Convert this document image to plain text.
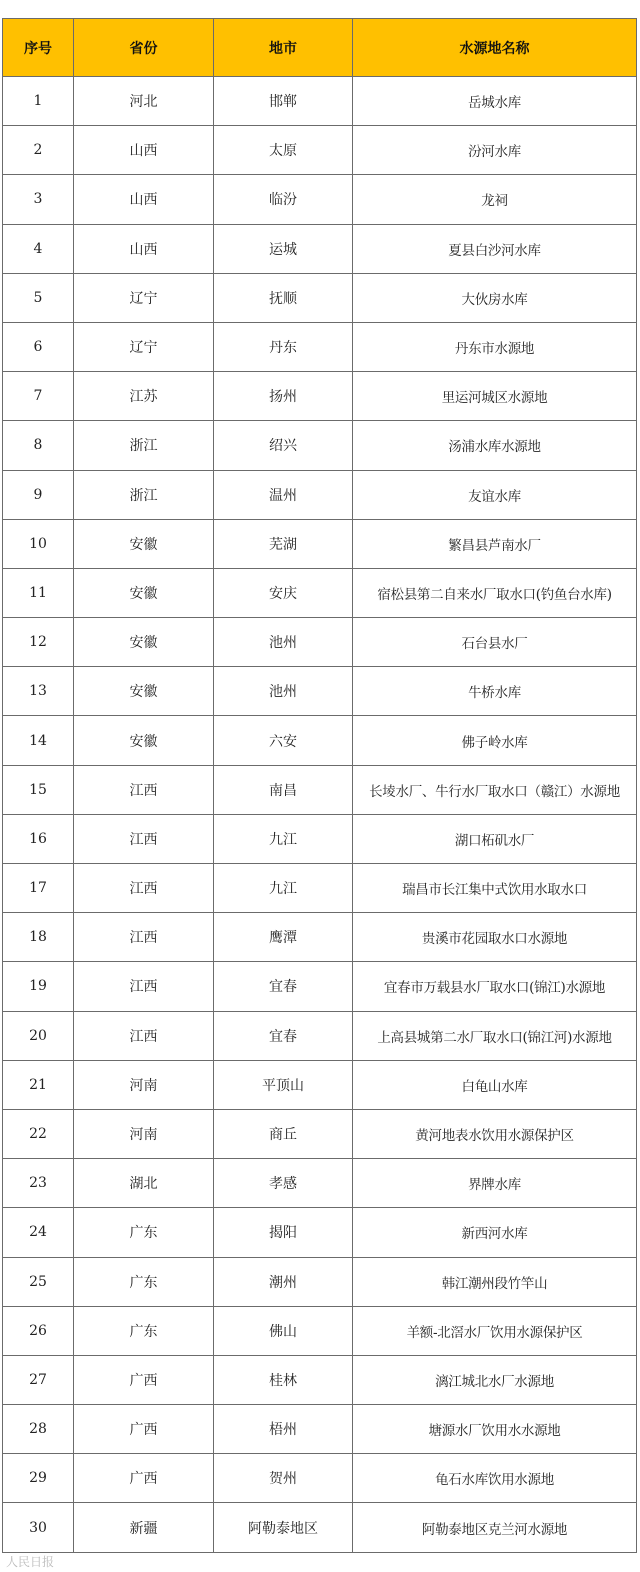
序号	省份	地市	水源地名称
1	河北	邯郸	岳城水库
2	山西	太原	汾河水库
3	山西	临汾	龙祠
4	山西	运城	夏县白沙河水库
5	辽宁	抚顺	大伙房水库
6	辽宁	丹东	丹东市水源地
7	江苏	扬州	里运河城区水源地
8	浙江	绍兴	汤浦水库水源地
9	浙江	温州	友谊水库
10	安徽	芜湖	繁昌县芦南水厂
11	安徽	安庆	宿松县第二自来水厂取水口(钓鱼台水库)
12	安徽	池州	石台县水厂
13	安徽	池州	牛桥水库
14	安徽	六安	佛子岭水库
15	江西	南昌	长堎水厂、牛行水厂取水口（赣江）水源地
16	江西	九江	湖口柘矶水厂
17	江西	九江	瑞昌市长江集中式饮用水取水口
18	江西	鹰潭	贵溪市花园取水口水源地
19	江西	宜春	宜春市万载县水厂取水口(锦江)水源地
20	江西	宜春	上高县城第二水厂取水口(锦江河)水源地
21	河南	平顶山	白龟山水库
22	河南	商丘	黄河地表水饮用水源保护区
23	湖北	孝感	界牌水库
24	广东	揭阳	新西河水库
25	广东	潮州	韩江潮州段竹竿山
26	广东	佛山	羊额-北滘水厂饮用水源保护区
27	广西	桂林	漓江城北水厂水源地
28	广西	梧州	塘源水厂饮用水水源地
29	广西	贺州	龟石水库饮用水源地
30	新疆	阿勒泰地区	阿勒泰地区克兰河水源地
人民日报
